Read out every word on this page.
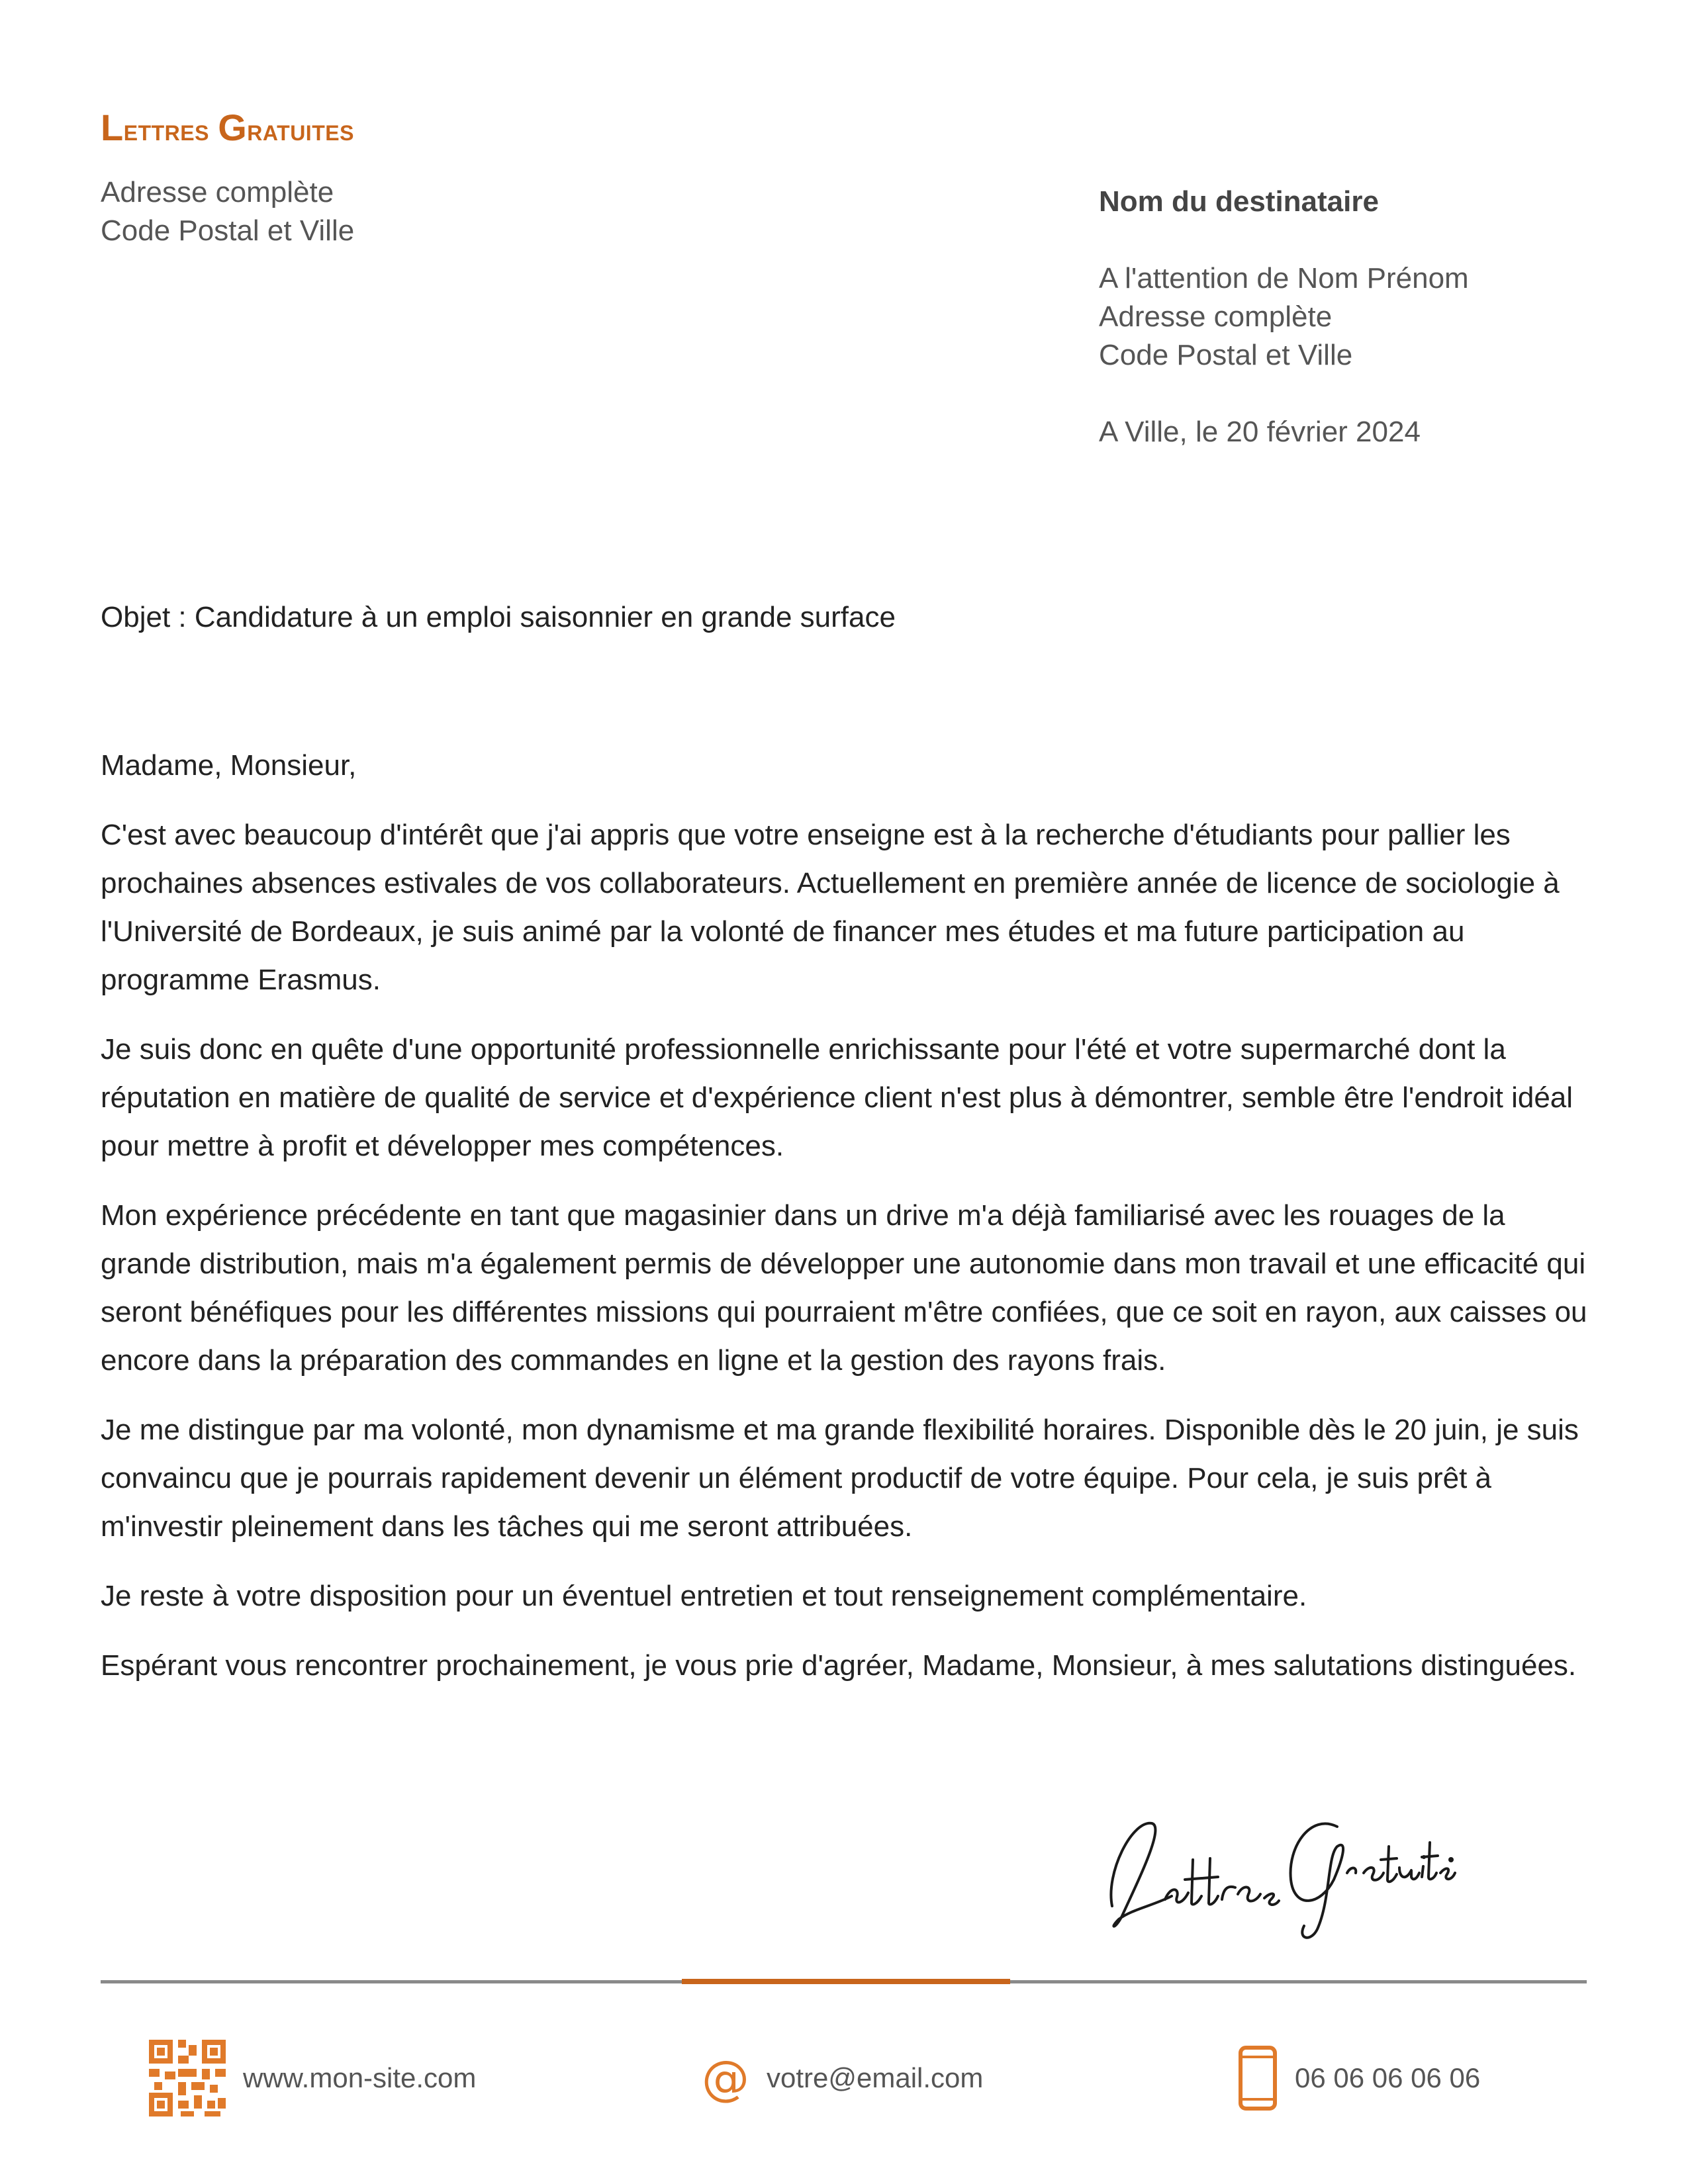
Lettres Gratuites
Adresse complète
Code Postal et Ville
Nom du destinataire
A l'attention de Nom Prénom
Adresse complète
Code Postal et Ville
A Ville, le 20 février 2024
Objet : Candidature à un emploi saisonnier en grande surface

Madame, Monsieur,

C'est avec beaucoup d'intérêt que j'ai appris que votre enseigne est à la recherche d'étudiants pour pallier les prochaines absences estivales de vos collaborateurs. Actuellement en première année de licence de sociologie à l'Université de Bordeaux, je suis animé par la volonté de financer mes études et ma future participation au programme Erasmus.

Je suis donc en quête d'une opportunité professionnelle enrichissante pour l'été et votre supermarché dont la réputation en matière de qualité de service et d'expérience client n'est plus à démontrer, semble être l'endroit idéal pour mettre à profit et développer mes compétences.

Mon expérience précédente en tant que magasinier dans un drive m'a déjà familiarisé avec les rouages de la grande distribution, mais m'a également permis de développer une autonomie dans mon travail et une efficacité qui seront bénéfiques pour les différentes missions qui pourraient m'être confiées, que ce soit en rayon, aux caisses ou encore dans la préparation des commandes en ligne et la gestion des rayons frais.

Je me distingue par ma volonté, mon dynamisme et ma grande flexibilité horaires. Disponible dès le 20 juin, je suis convaincu que je pourrais rapidement devenir un élément productif de votre équipe. Pour cela, je suis prêt à m'investir pleinement dans les tâches qui me seront attribuées.

Je reste à votre disposition pour un éventuel entretien et tout renseignement complémentaire.

Espérant vous rencontrer prochainement, je vous prie d'agréer, Madame, Monsieur, à mes salutations distinguées.

www.mon-site.com	@ votre@email.com	06 06 06 06 06
